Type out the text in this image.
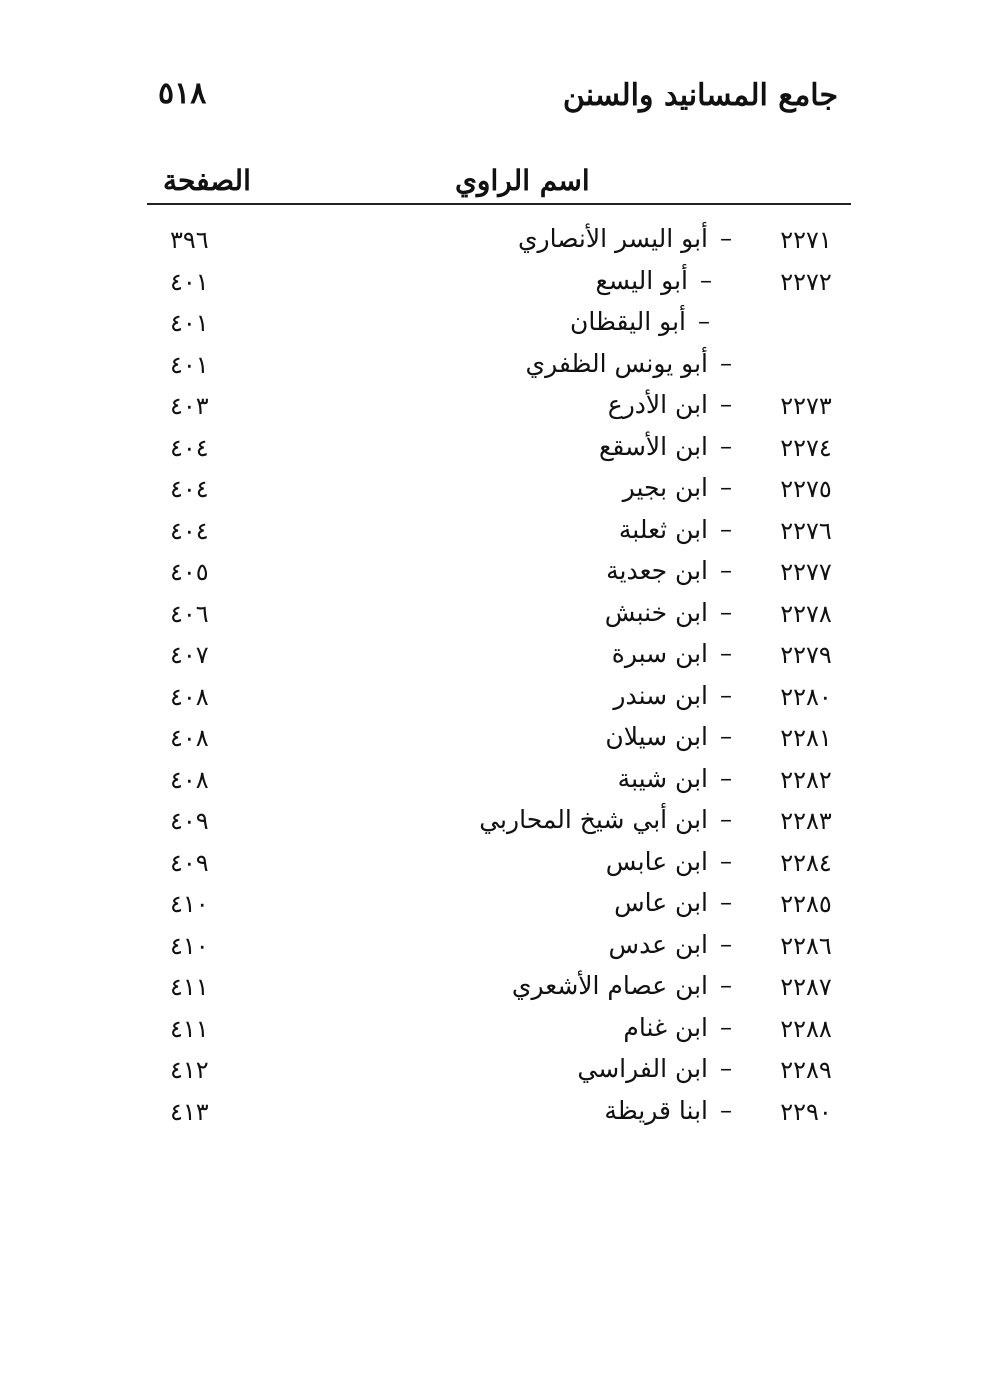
٥١٨	جامع المسانيد والسنن
الصفحة	اسم الراوي
٢٢٧١
–
أبو اليسر الأنصاري
٣٩٦
٢٢٧٢
–
أبو اليسع
٤٠١
–
أبو اليقظان
٤٠١
–
أبو يونس الظفري
٤٠١
٢٢٧٣
–
ابن الأدرع
٤٠٣
٢٢٧٤
–
ابن الأسقع
٤٠٤
٢٢٧٥
–
ابن بجير
٤٠٤
٢٢٧٦
–
ابن ثعلبة
٤٠٤
٢٢٧٧
–
ابن جعدية
٤٠٥
٢٢٧٨
–
ابن خنبش
٤٠٦
٢٢٧٩
–
ابن سبرة
٤٠٧
٢٢٨٠
–
ابن سندر
٤٠٨
٢٢٨١
–
ابن سيلان
٤٠٨
٢٢٨٢
–
ابن شيبة
٤٠٨
٢٢٨٣
–
ابن أبي شيخ المحاربي
٤٠٩
٢٢٨٤
–
ابن عابس
٤٠٩
٢٢٨٥
–
ابن عاس
٤١٠
٢٢٨٦
–
ابن عدس
٤١٠
٢٢٨٧
–
ابن عصام الأشعري
٤١١
٢٢٨٨
–
ابن غنام
٤١١
٢٢٨٩
–
ابن الفراسي
٤١٢
٢٢٩٠
–
ابنا قريظة
٤١٣
